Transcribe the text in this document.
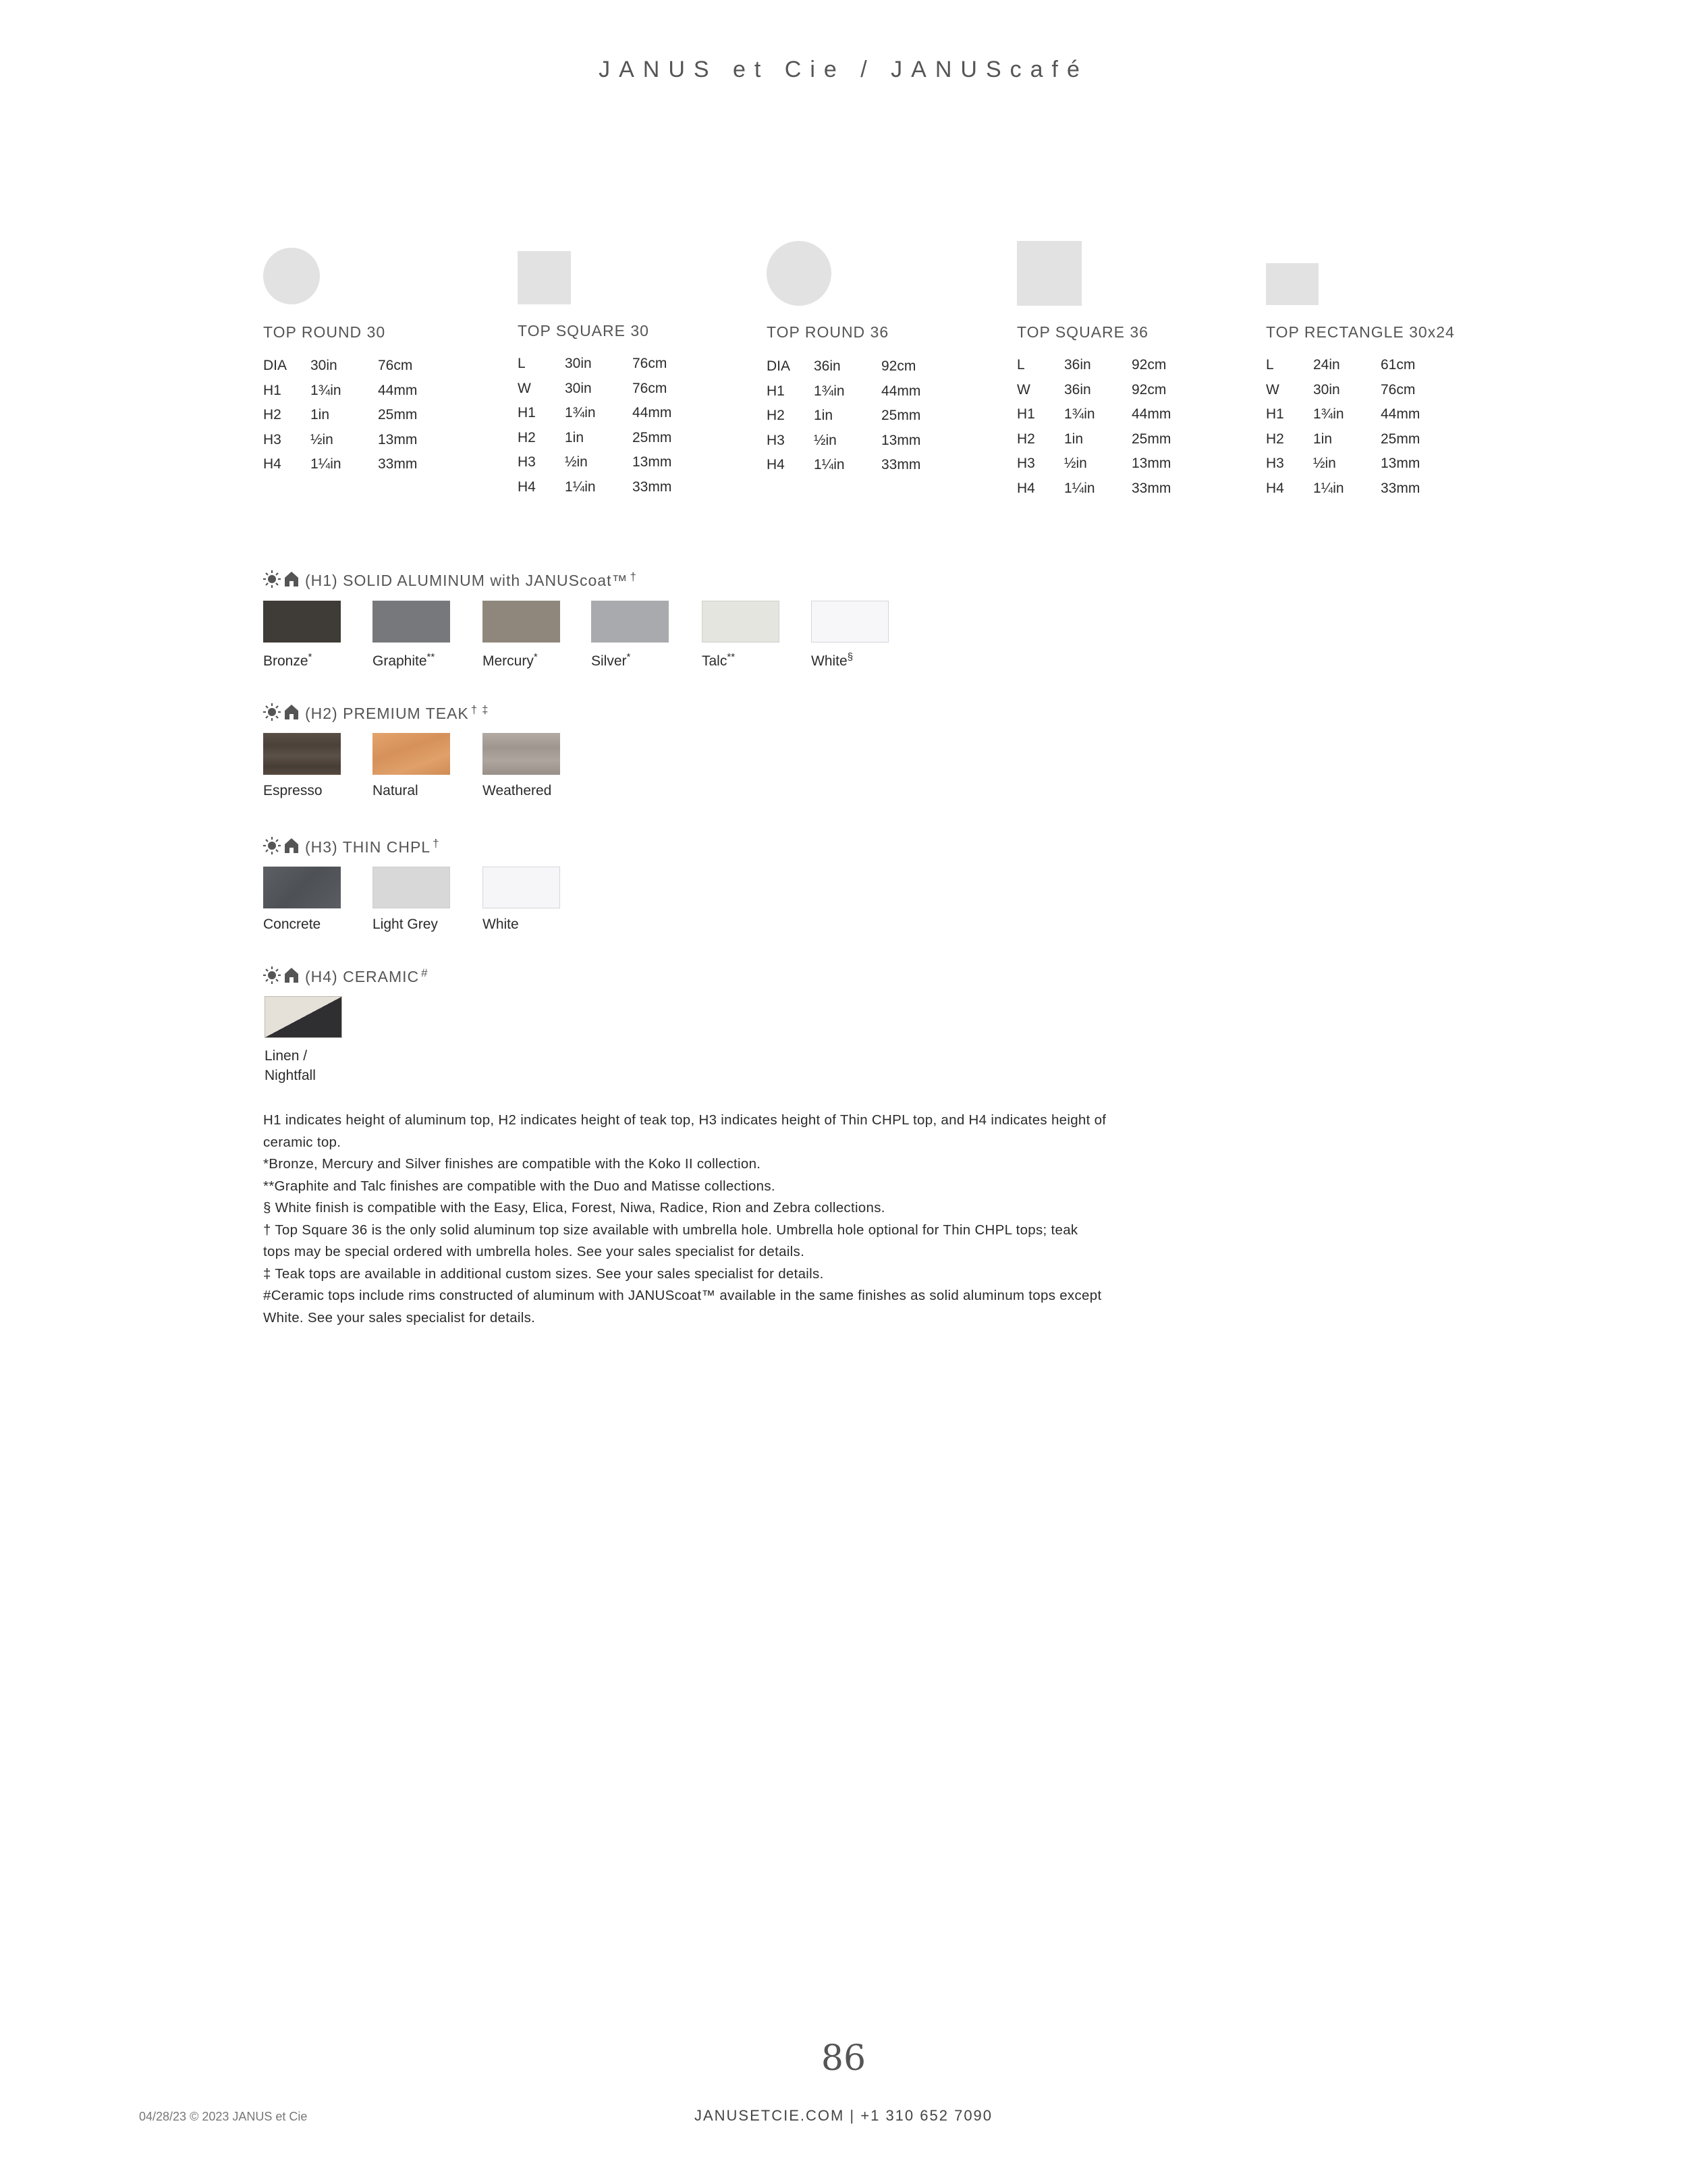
JANUS et Cie / JANUScafé
TOP ROUND 30
DIA 30in	76cm
H1 1¾in	44mm
H2 1in	25mm
H3 ½in	13mm
H4 1¼in	33mm
TOP SQUARE 30
L	30in	76cm
W 30in	76cm
H1 1¾in	44mm
H2 1in	25mm
H3 ½in	13mm
H4 1¼in	33mm
TOP ROUND 36
DIA 36in	92cm
H1 1¾in	44mm
H2 1in	25mm
H3 ½in	13mm
H4 1¼in	33mm
TOP SQUARE 36
L	36in	92cm
W 36in	92cm
H1 1¾in	44mm
H2 1in	25mm
H3 ½in	13mm
H4 1¼in	33mm
TOP RECTANGLE 30x24
L	24in	61cm
W 30in	76cm
H1 1¾in	44mm
H2 1in	25mm
H3 ½in	13mm
H4 1¼in	33mm
(H1) SOLID ALUMINUM with JANUScoat™ †
Bronze*	Graphite**	Mercury*	Silver*	Talc**	White§
(H2) PREMIUM TEAK † ‡
Espresso	Natural	Weathered
(H3) THIN CHPL †
Concrete	Light Grey	White
(H4) CERAMIC #
Linen /
Nightfall

H1 indicates height of aluminum top, H2 indicates height of teak top, H3 indicates height of Thin CHPL top, and H4 indicates height of ceramic top.

*Bronze, Mercury and Silver finishes are compatible with the Koko II collection.

**Graphite and Talc finishes are compatible with the Duo and Matisse collections.

§ White finish is compatible with the Easy, Elica, Forest, Niwa, Radice, Rion and Zebra collections.

† Top Square 36 is the only solid aluminum top size available with umbrella hole. Umbrella hole optional for Thin CHPL tops; teak tops may be special ordered with umbrella holes. See your sales specialist for details.

‡ Teak tops are available in additional custom sizes. See your sales specialist for details.

#Ceramic tops include rims constructed of aluminum with JANUScoat™ available in the same finishes as solid aluminum tops except White. See your sales specialist for details.

86
04/28/23 © 2023 JANUS et Cie	JANUSETCIE.COM | +1 310 652 7090
